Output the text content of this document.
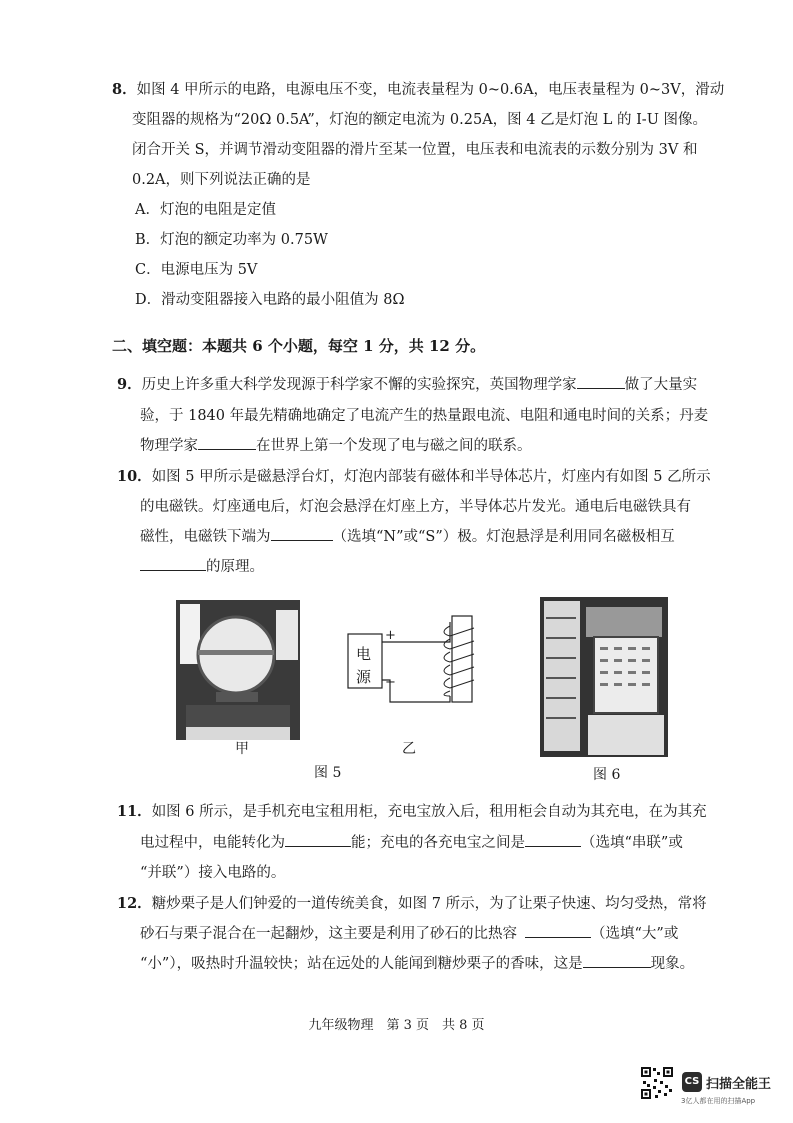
8．如图 4 甲所示的电路，电源电压不变，电流表量程为 0~0.6A，电压表量程为 0~3V，滑动
变阻器的规格为“20Ω 0.5A”，灯泡的额定电流为 0.25A，图 4 乙是灯泡 L 的 I-U 图像。
闭合开关 S，并调节滑动变阻器的滑片至某一位置，电压表和电流表的示数分别为 3V 和
0.2A，则下列说法正确的是
A．灯泡的电阻是定值
B．灯泡的额定功率为 0.75W
C．电源电压为 5V
D．滑动变阻器接入电路的最小阻值为 8Ω
二、填空题：本题共 6 个小题，每空 1 分，共 12 分。
9．历史上许多重大科学发现源于科学家不懈的实验探究，英国物理学家	做了大量实
验，于 1840 年最先精确地确定了电流产生的热量跟电流、电阻和通电时间的关系；丹麦
物理学家	在世界上第一个发现了电与磁之间的联系。
10．如图 5 甲所示是磁悬浮台灯，灯泡内部装有磁体和半导体芯片，灯座内有如图 5 乙所示
的电磁铁。灯座通电后，灯泡会悬浮在灯座上方，半导体芯片发光。通电后电磁铁具有
磁性，电磁铁下端为	（选填“N”或“S”）极。灯泡悬浮是利用同名磁极相互
的原理。
甲
电
源
+
−
乙
图 5	图 6
11．如图 6 所示，是手机充电宝租用柜，充电宝放入后，租用柜会自动为其充电，在为其充
电过程中，电能转化为	能；充电的各充电宝之间是	（选填“串联”或
“并联”）接入电路的。
12．糖炒栗子是人们钟爱的一道传统美食，如图 7 所示，为了让栗子快速、均匀受热，常将
砂石与栗子混合在一起翻炒，这主要是利用了砂石的比热容	（选填“大”或
“小”），吸热时升温较快；站在远处的人能闻到糖炒栗子的香味，这是	现象。
九年级物理　第 3 页　共 8 页
CS 扫描全能王
3亿人都在用的扫描App
